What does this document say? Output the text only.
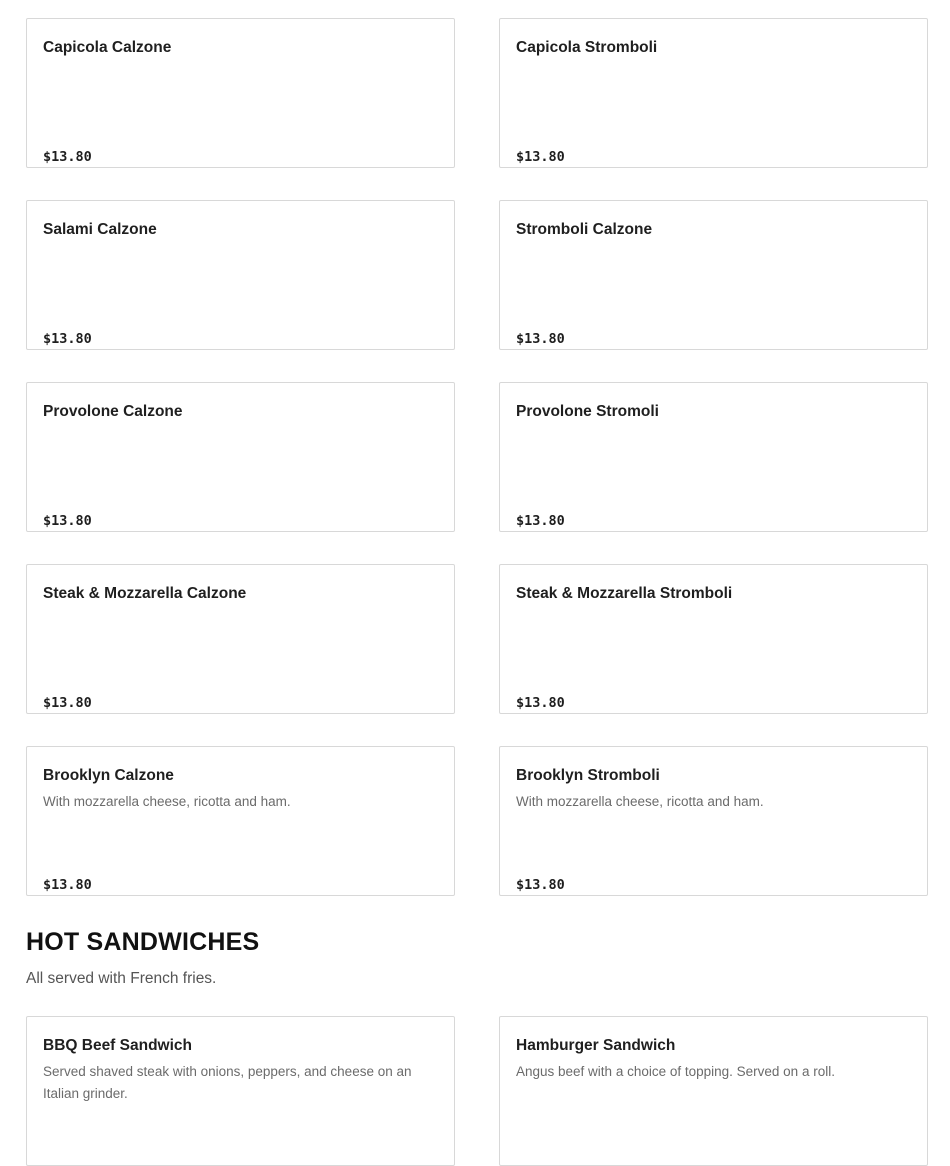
Capicola Calzone
$13.80
Capicola Stromboli
$13.80
Salami Calzone
$13.80
Stromboli Calzone
$13.80
Provolone Calzone
$13.80
Provolone Stromoli
$13.80
Steak & Mozzarella Calzone
$13.80
Steak & Mozzarella Stromboli
$13.80
Brooklyn Calzone
With mozzarella cheese, ricotta and ham.
$13.80
Brooklyn Stromboli
With mozzarella cheese, ricotta and ham.
$13.80
HOT SANDWICHES

All served with French fries.

BBQ Beef Sandwich
Served shaved steak with onions, peppers, and cheese on an Italian grinder.
Hamburger Sandwich
Angus beef with a choice of topping. Served on a roll.
